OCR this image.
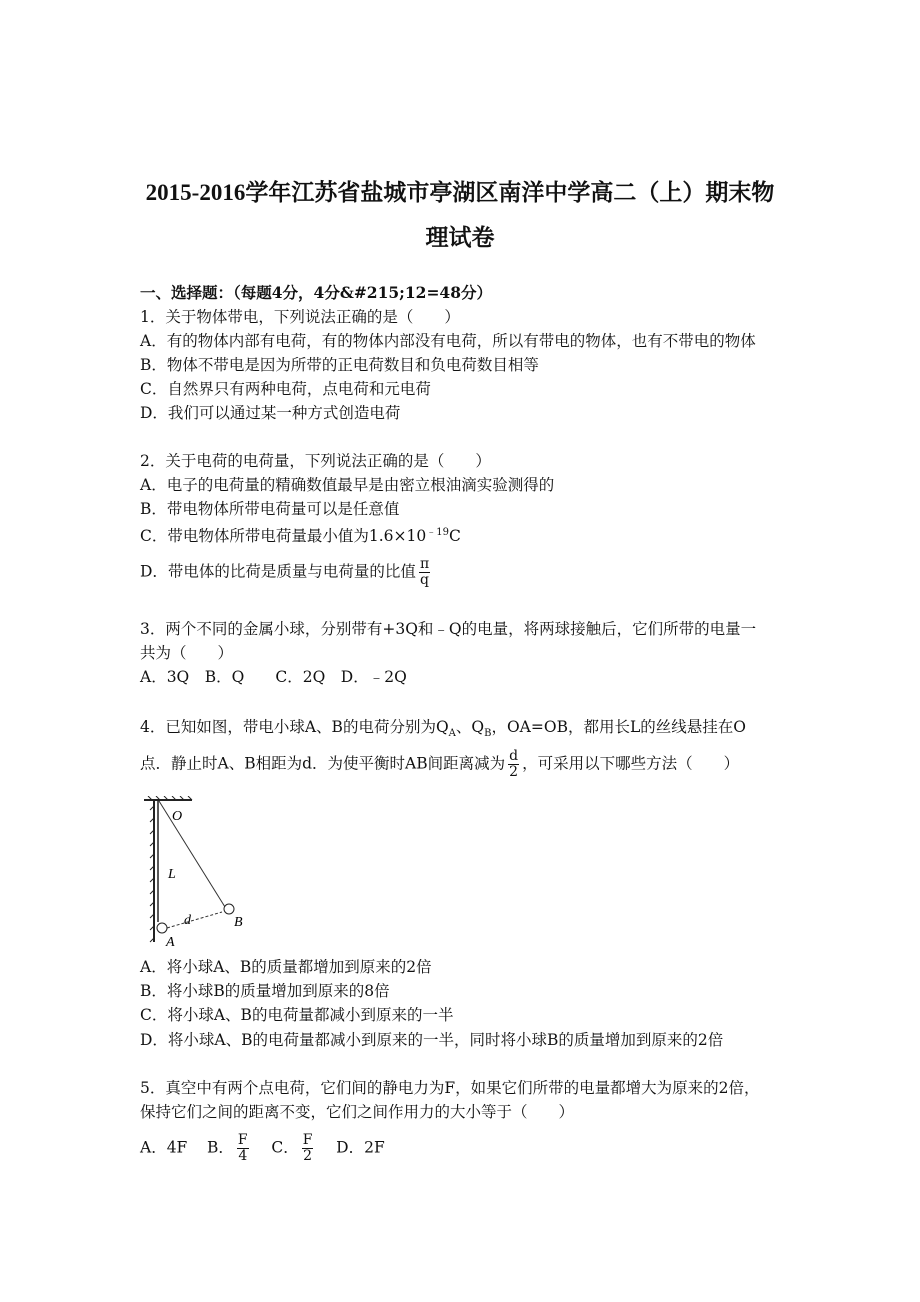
www.zixin.com.cn
2015-2016学年江苏省盐城市亭湖区南洋中学高二（上）期末物
理试卷
一、选择题：（每题4分，4分&#215;12=48分）
1．关于物体带电，下列说法正确的是（　　）
A．有的物体内部有电荷，有的物体内部没有电荷，所以有带电的物体，也有不带电的物体
B．物体不带电是因为所带的正电荷数目和负电荷数目相等
C．自然界只有两种电荷，点电荷和元电荷
D．我们可以通过某一种方式创造电荷
2．关于电荷的电荷量，下列说法正确的是（　　）
A．电子的电荷量的精确数值最早是由密立根油滴实验测得的
B．带电物体所带电荷量可以是任意值
C．带电物体所带电荷量最小值为$1.6\times 10^{﹣19}C$
D．带电体的比荷是质量与电荷量的比值 $\frac{\pi}{q}$
3．两个不同的金属小球，分别带有+3Q和﹣Q的电量，将两球接触后，它们所带的电量一
共为（　　）
A．3Q　B．Q　　C．2Q　D．﹣2Q
4．已知如图，带电小球A、B的电荷分别为$Q_A$、$Q_B$，OA=OB，都用长L的丝线悬挂在O
点．静止时A、B相距为d．为使平衡时AB间距离减为 $\frac{d}{2}$ ，可采用以下哪些方法（　　）
O
L
d
A
B
A．将小球A、B的质量都增加到原来的2倍
B．将小球B的质量增加到原来的8倍
C．将小球A、B的电荷量都减小到原来的一半
D．将小球A、B的电荷量都减小到原来的一半，同时将小球B的质量增加到原来的2倍
5．真空中有两个点电荷，它们间的静电力为F，如果它们所带的电量都增大为原来的2倍，
保持它们之间的距离不变，它们之间作用力的大小等于（　　）
A．4F B． $\frac{F}{4}$ C． $\frac{F}{2}$ D．2F
